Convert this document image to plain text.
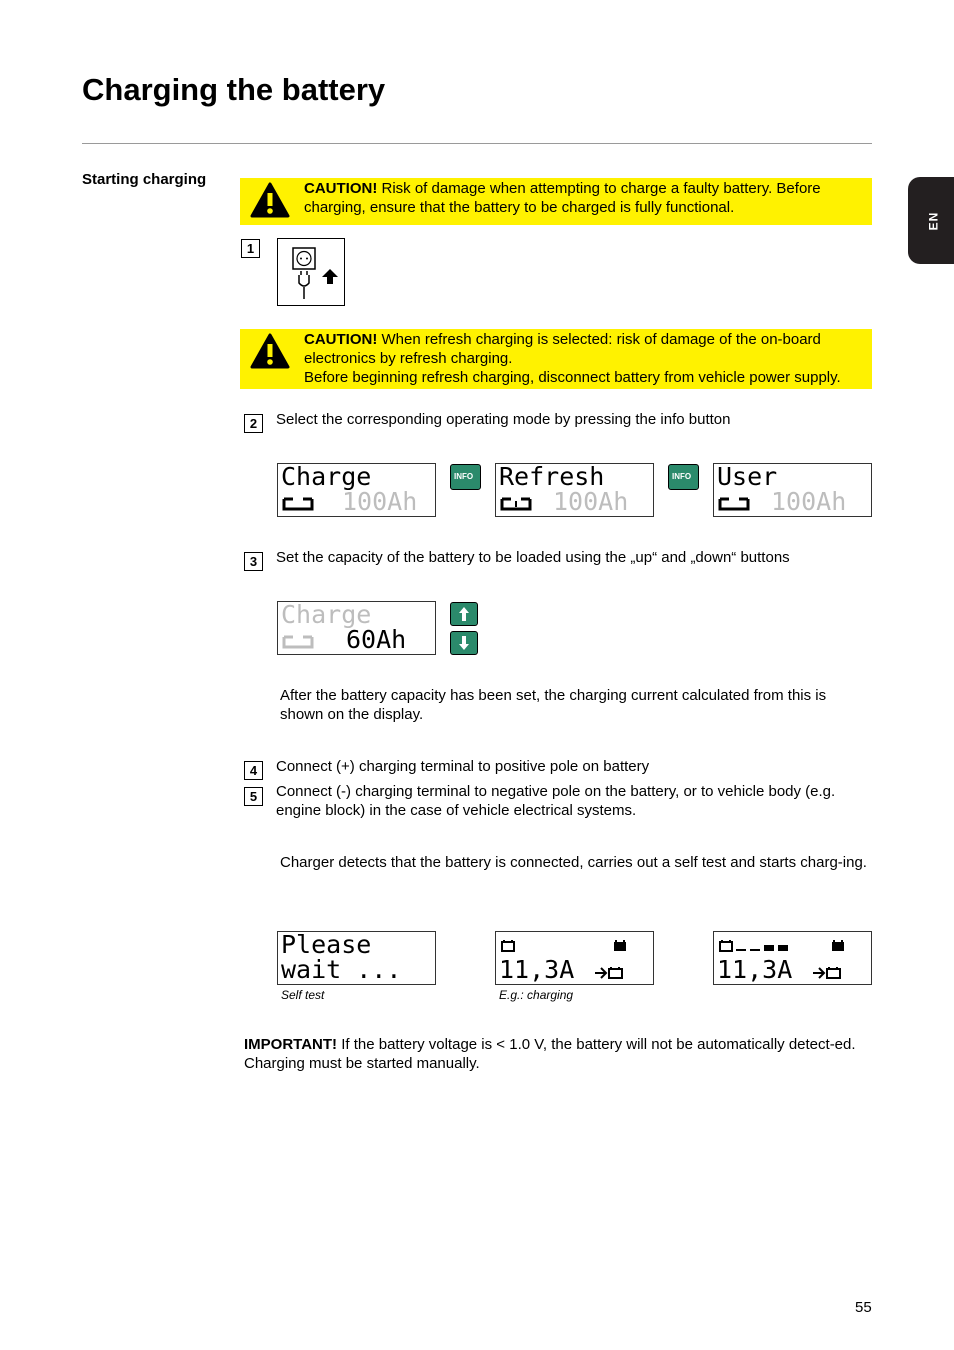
Charging the battery
Starting charging
EN
CAUTION! Risk of damage when attempting to charge a faulty battery. Before charging, ensure that the battery to be charged is fully functional.
1
CAUTION! When refresh charging is selected: risk of damage of the on-board electronics by refresh charging.
Before beginning refresh charging, disconnect battery from vehicle power supply.
2	Select the corresponding operating mode by pressing the info button
Charge
100Ah
INFO Refresh
100Ah
INFO User
100Ah
3	Set the capacity of the battery to be loaded using the „up“ and „down“ buttons
Charge
60Ah
After the battery capacity has been set, the charging current calculated from this is shown on the display.
4	Connect (+) charging terminal to positive pole on battery
5	Connect (-) charging terminal to negative pole on the battery, or to vehicle body (e.g. engine block) in the case of vehicle electrical systems.
Charger detects that the battery is connected, carries out a self test and starts charg-ing.
Please
wait ...
Self test
11,3A
E.g.: charging
11,3A
IMPORTANT! If the battery voltage is < 1.0 V, the battery will not be automatically detect-ed. Charging must be started manually.
55
